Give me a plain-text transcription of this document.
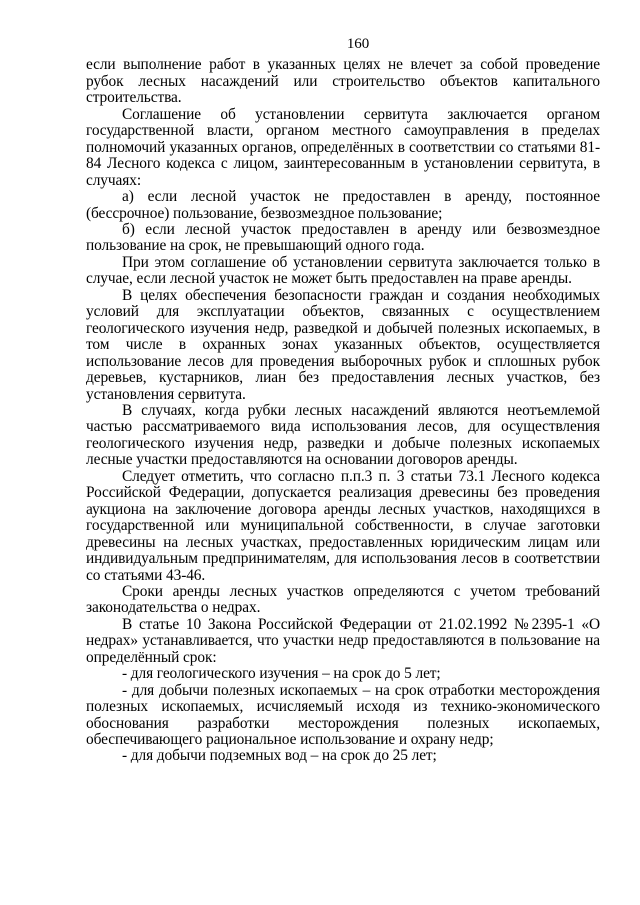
160

если выполнение работ в указанных целях не влечет за собой проведение рубок лесных насаждений или строительство объектов капитального строительства.

Соглашение об установлении сервитута заключается органом государственной власти, органом местного самоуправления в пределах полномочий указанных органов, определённых в соответствии со статьями 81-84 Лесного кодекса с лицом, заинтересованным в установлении сервитута, в случаях:

а) если лесной участок не предоставлен в аренду, постоянное (бессрочное) пользование, безвозмездное пользование;

б) если лесной участок предоставлен в аренду или безвозмездное пользование на срок, не превышающий одного года.

При этом соглашение об установлении сервитута заключается только в случае, если лесной участок не может быть предоставлен на праве аренды.

В целях обеспечения безопасности граждан и создания необходимых условий для эксплуатации объектов, связанных с осуществлением геологического изучения недр, разведкой и добычей полезных ископаемых, в том числе в охранных зонах указанных объектов, осуществляется использование лесов для проведения выборочных рубок и сплошных рубок деревьев, кустарников, лиан без предоставления лесных участков, без установления сервитута.

В случаях, когда рубки лесных насаждений являются неотъемлемой частью рассматриваемого вида использования лесов, для осуществления геологического изучения недр, разведки и добыче полезных ископаемых лесные участки предоставляются на основании договоров аренды.

Следует отметить, что согласно п.п.3 п. 3 статьи 73.1 Лесного кодекса Российской Федерации, допускается реализация древесины без проведения аукциона на заключение договора аренды лесных участков, находящихся в государственной или муниципальной собственности, в случае заготовки древесины на лесных участках, предоставленных юридическим лицам или индивидуальным предпринимателям, для использования лесов в соответствии со статьями 43-46.

Сроки аренды лесных участков определяются с учетом требований законодательства о недрах.

В статье 10 Закона Российской Федерации от 21.02.1992 №2395-1 «О недрах» устанавливается, что участки недр предоставляются в пользование на определённый срок:

- для геологического изучения – на срок до 5 лет;

- для добычи полезных ископаемых – на срок отработки месторождения полезных ископаемых, исчисляемый исходя из технико-экономического обоснования разработки месторождения полезных ископаемых, обеспечивающего рациональное использование и охрану недр;

- для добычи подземных вод – на срок до 25 лет;
